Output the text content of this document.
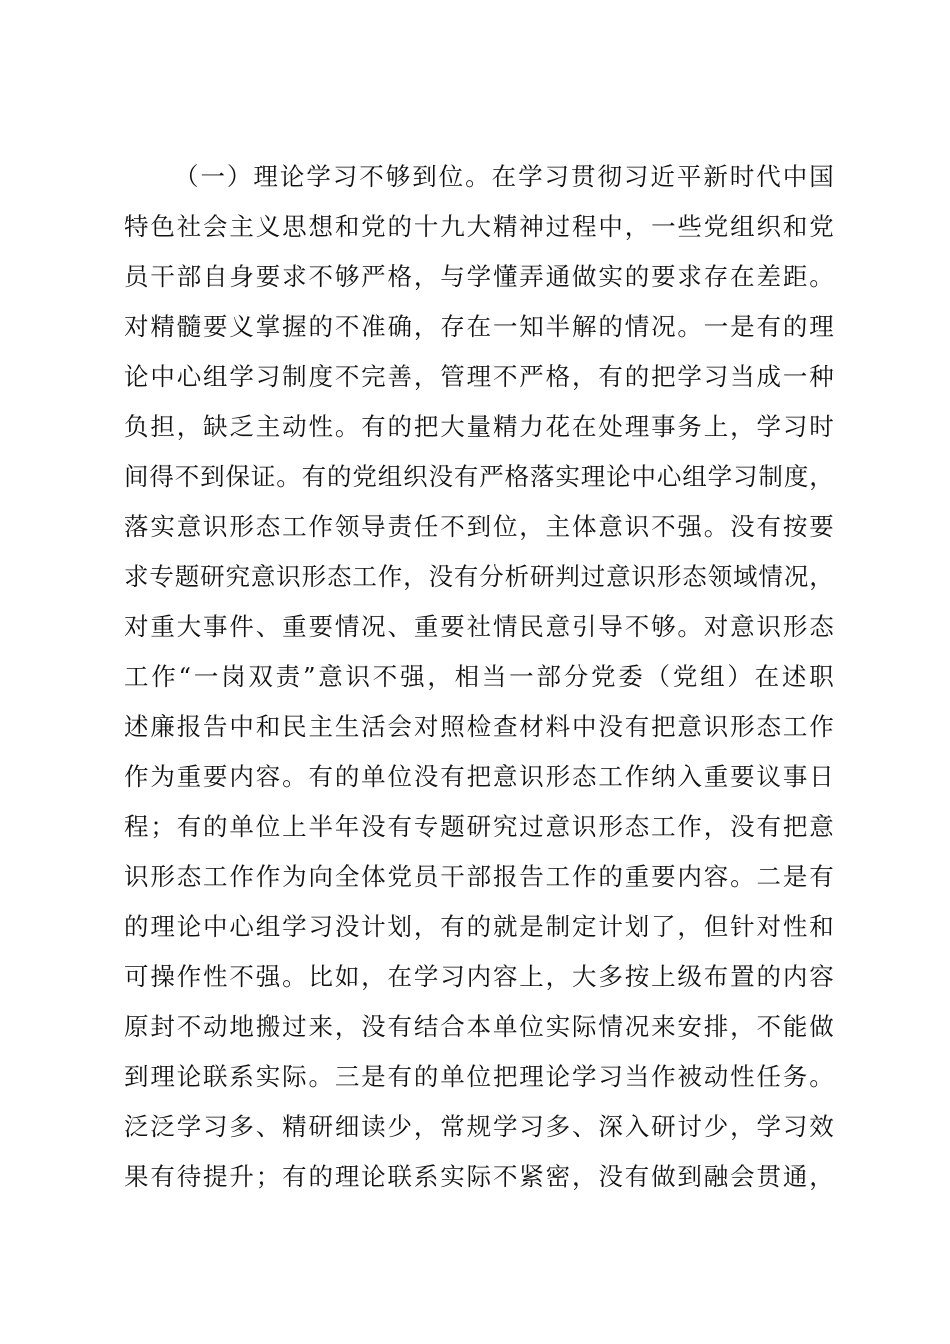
（一）理论学习不够到位。在学习贯彻习近平新时代中国
特色社会主义思想和党的十九大精神过程中，一些党组织和党
员干部自身要求不够严格，与学懂弄通做实的要求存在差距。
对精髓要义掌握的不准确，存在一知半解的情况。一是有的理
论中心组学习制度不完善，管理不严格，有的把学习当成一种
负担，缺乏主动性。有的把大量精力花在处理事务上，学习时
间得不到保证。有的党组织没有严格落实理论中心组学习制度，
落实意识形态工作领导责任不到位，主体意识不强。没有按要
求专题研究意识形态工作，没有分析研判过意识形态领域情况，
对重大事件、重要情况、重要社情民意引导不够。对意识形态
工作“一岗双责”意识不强，相当一部分党委（党组）在述职
述廉报告中和民主生活会对照检查材料中没有把意识形态工作
作为重要内容。有的单位没有把意识形态工作纳入重要议事日
程；有的单位上半年没有专题研究过意识形态工作，没有把意
识形态工作作为向全体党员干部报告工作的重要内容。二是有
的理论中心组学习没计划，有的就是制定计划了，但针对性和
可操作性不强。比如，在学习内容上，大多按上级布置的内容
原封不动地搬过来，没有结合本单位实际情况来安排，不能做
到理论联系实际。三是有的单位把理论学习当作被动性任务。
泛泛学习多、精研细读少，常规学习多、深入研讨少，学习效
果有待提升；有的理论联系实际不紧密，没有做到融会贯通，
